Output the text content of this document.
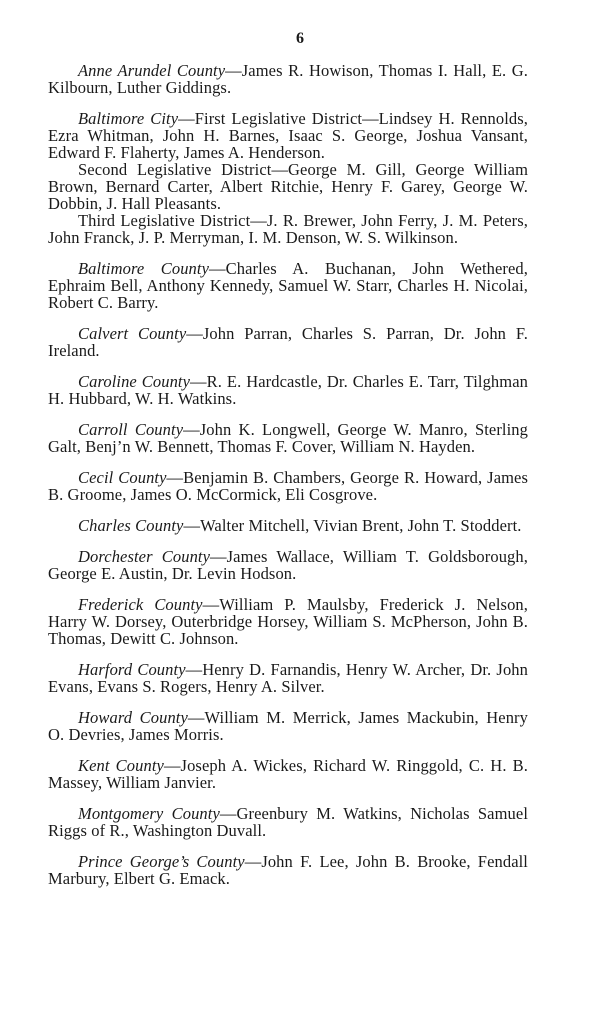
6

Anne Arundel County—James R. Howison, Thomas I. Hall, E. G. Kilbourn, Luther Giddings.

Baltimore City—First Legislative District—Lindsey H. Rennolds, Ezra Whitman, John H. Barnes, Isaac S. George, Joshua Vansant, Edward F. Flaherty, James A. Henderson.

Second Legislative District—George M. Gill, George William Brown, Bernard Carter, Albert Ritchie, Henry F. Garey, George W. Dobbin, J. Hall Pleasants.

Third Legislative District—J. R. Brewer, John Ferry, J. M. Peters, John Franck, J. P. Merryman, I. M. Denson, W. S. Wilkinson.

Baltimore County—Charles A. Buchanan, John Wethered, Ephraim Bell, Anthony Kennedy, Samuel W. Starr, Charles H. Nicolai, Robert C. Barry.

Calvert County—John Parran, Charles S. Parran, Dr. John F. Ireland.

Caroline County—R. E. Hardcastle, Dr. Charles E. Tarr, Tilghman H. Hubbard, W. H. Watkins.

Carroll County—John K. Longwell, George W. Manro, Sterling Galt, Benj’n W. Bennett, Thomas F. Cover, William N. Hayden.

Cecil County—Benjamin B. Chambers, George R. Howard, James B. Groome, James O. McCormick, Eli Cosgrove.

Charles County—Walter Mitchell, Vivian Brent, John T. Stoddert.

Dorchester County—James Wallace, William T. Goldsborough, George E. Austin, Dr. Levin Hodson.

Frederick County—William P. Maulsby, Frederick J. Nelson, Harry W. Dorsey, Outerbridge Horsey, William S. McPherson, John B. Thomas, Dewitt C. Johnson.

Harford County—Henry D. Farnandis, Henry W. Archer, Dr. John Evans, Evans S. Rogers, Henry A. Silver.

Howard County—William M. Merrick, James Mackubin, Henry O. Devries, James Morris.

Kent County—Joseph A. Wickes, Richard W. Ringgold, C. H. B. Massey, William Janvier.

Montgomery County—Greenbury M. Watkins, Nicholas Samuel Riggs of R., Washington Duvall.

Prince George’s County—John F. Lee, John B. Brooke, Fendall Marbury, Elbert G. Emack.
